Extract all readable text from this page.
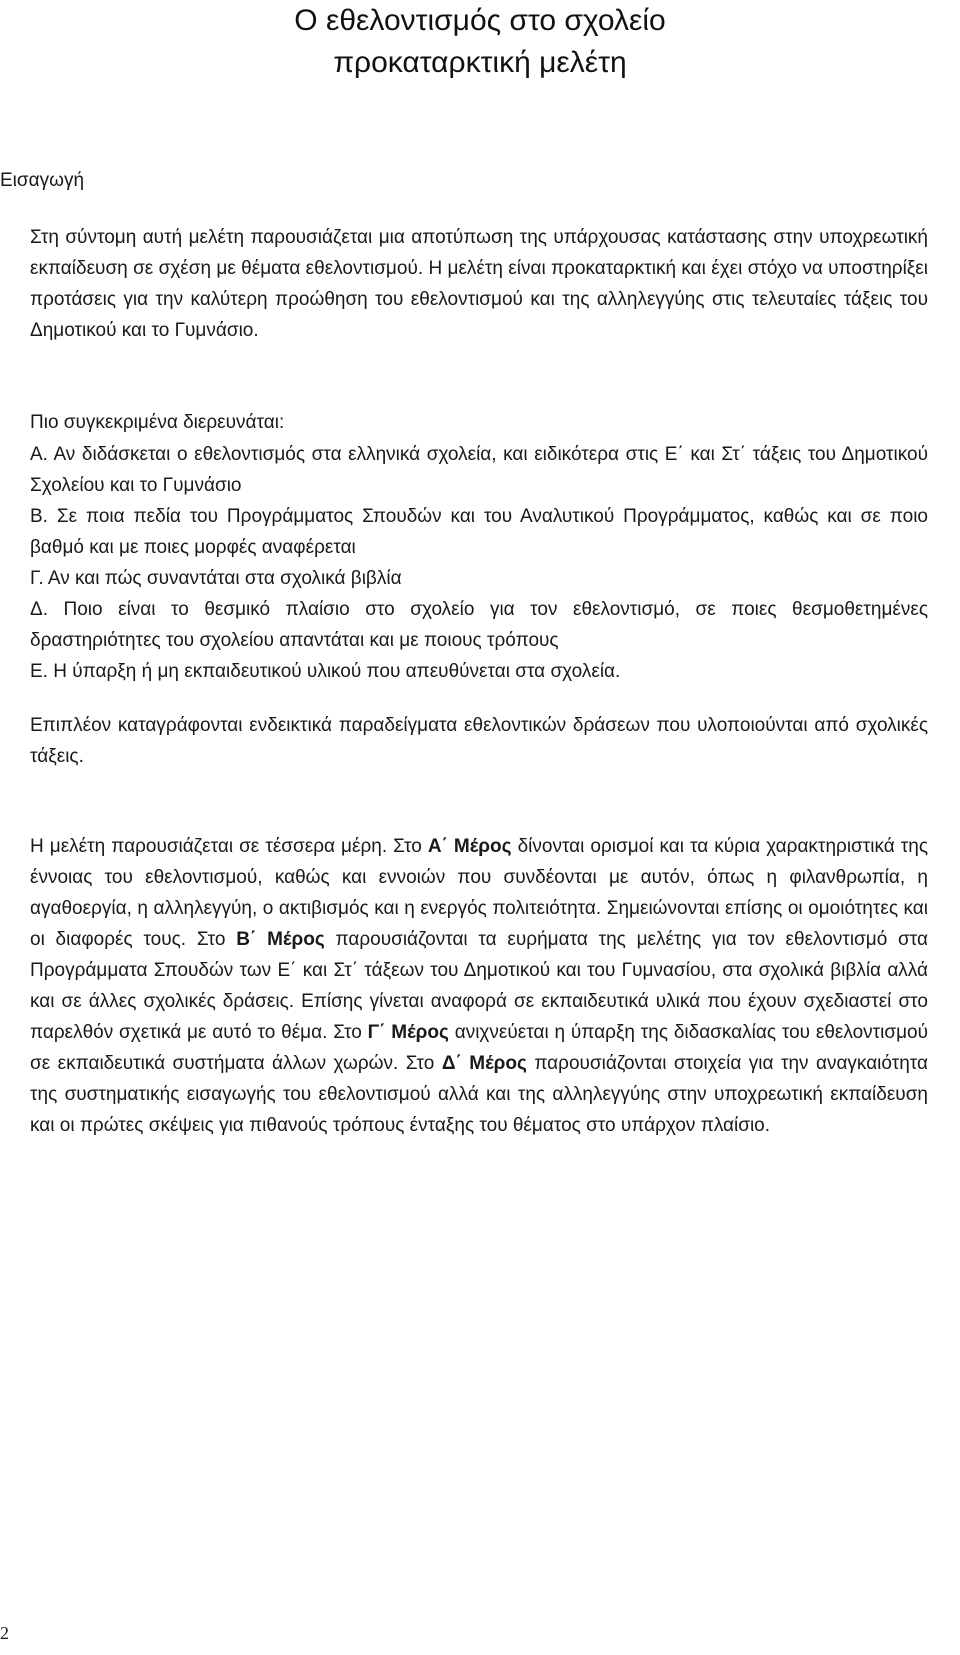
Ο εθελοντισμός στο σχολείο
προκαταρκτική μελέτη
Εισαγωγή

Στη σύντομη αυτή μελέτη παρουσιάζεται μια αποτύπωση της υπάρχουσας κατάστασης στην υποχρεωτική εκπαίδευση σε σχέση με θέματα εθελοντισμού. Η μελέτη είναι προκαταρκτική και έχει στόχο να υποστηρίξει προτάσεις για την καλύτερη προώθηση του εθελοντισμού και της αλληλεγγύης στις τελευταίες τάξεις του Δημοτικού και το Γυμνάσιο.

Πιο συγκεκριμένα διερευνάται:

Α. Αν διδάσκεται ο εθελοντισμός στα ελληνικά σχολεία, και ειδικότερα στις Ε΄ και Στ΄ τάξεις του Δημοτικού Σχολείου και το Γυμνάσιο
Β. Σε ποια πεδία του Προγράμματος Σπουδών και του Αναλυτικού Προγράμματος, καθώς και σε ποιο βαθμό και με ποιες μορφές αναφέρεται
Γ. Αν και πώς συναντάται στα σχολικά βιβλία
Δ. Ποιο είναι το θεσμικό πλαίσιο στο σχολείο για τον εθελοντισμό, σε ποιες θεσμοθετημένες δραστηριότητες του σχολείου απαντάται και με ποιους τρόπους
Ε. Η ύπαρξη ή μη εκπαιδευτικού υλικού που απευθύνεται στα σχολεία.

Επιπλέον καταγράφονται ενδεικτικά παραδείγματα εθελοντικών δράσεων που υλοποιούνται από σχολικές τάξεις.

Η μελέτη παρουσιάζεται σε τέσσερα μέρη. Στο Α΄ Μέρος δίνονται ορισμοί και τα κύρια χαρακτηριστικά της έννοιας του εθελοντισμού, καθώς και εννοιών που συνδέονται με αυτόν, όπως η φιλανθρωπία, η αγαθοεργία, η αλληλεγγύη, ο ακτιβισμός και η ενεργός πολιτειότητα. Σημειώνονται επίσης οι ομοιότητες και οι διαφορές τους. Στο Β΄ Μέρος παρουσιάζονται τα ευρήματα της μελέτης για τον εθελοντισμό στα Προγράμματα Σπουδών των Ε΄ και Στ΄ τάξεων του Δημοτικού και του Γυμνασίου, στα σχολικά βιβλία αλλά και σε άλλες σχολικές δράσεις. Επίσης γίνεται αναφορά σε εκπαιδευτικά υλικά που έχουν σχεδιαστεί στο παρελθόν σχετικά με αυτό το θέμα. Στο Γ΄ Μέρος ανιχνεύεται η ύπαρξη της διδασκαλίας του εθελοντισμού σε εκπαιδευτικά συστήματα άλλων χωρών. Στο Δ΄ Μέρος παρουσιάζονται στοιχεία για την αναγκαιότητα της συστηματικής εισαγωγής του εθελοντισμού αλλά και της αλληλεγγύης στην υποχρεωτική εκπαίδευση και οι πρώτες σκέψεις για πιθανούς τρόπους ένταξης του θέματος στο υπάρχον πλαίσιο.

2
